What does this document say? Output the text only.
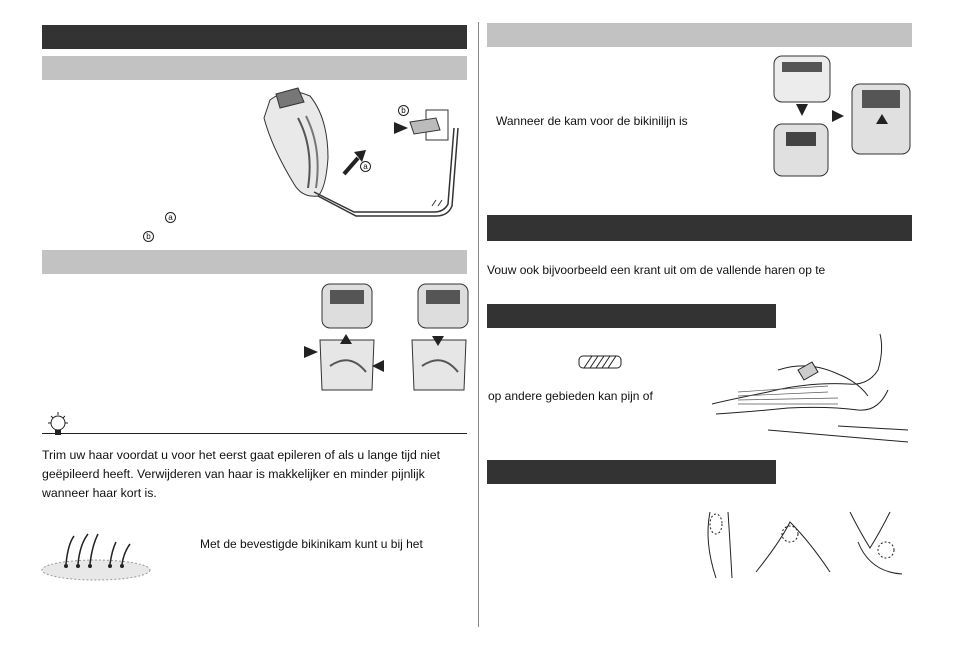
a
b
a
b
Trim uw haar voordat u voor het eerst gaat epileren of als u lange tijd niet geëpileerd heeft. Verwijderen van haar is makkelijker en minder pijnlijk wanneer haar kort is.
Met de bevestigde bikinikam kunt u bij het
Wanneer de kam voor de bikinilijn is
Vouw ook bijvoorbeeld een krant uit om de vallende haren op te
op andere gebieden kan pijn of
